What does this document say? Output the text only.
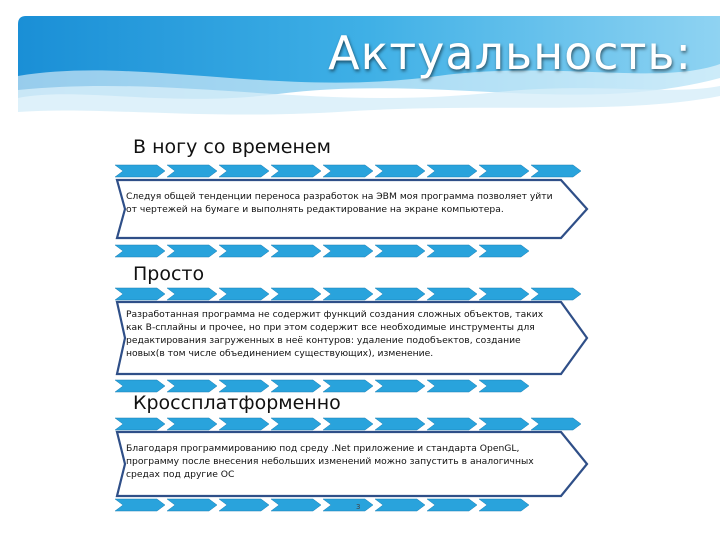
Актуальность:
В ногу со временем
Следуя общей тенденции переноса разработок на ЭВМ моя программа позволяет уйти от чертежей на бумаге и выполнять редактирование на экране компьютера.
Просто
Разработанная программа не содержит функций создания сложных объектов, таких как B-сплайны и прочее, но при этом содержит все необходимые инструменты для редактирования загруженных в неё контуров: удаление подобъектов, создание новых(в том числе объединением существующих), изменение.
Кроссплатформенно
Благодаря программированию под среду .Net приложение и стандарта OpenGL, программу после внесения небольших изменений можно запустить в аналогичных средах под другие ОС
3
